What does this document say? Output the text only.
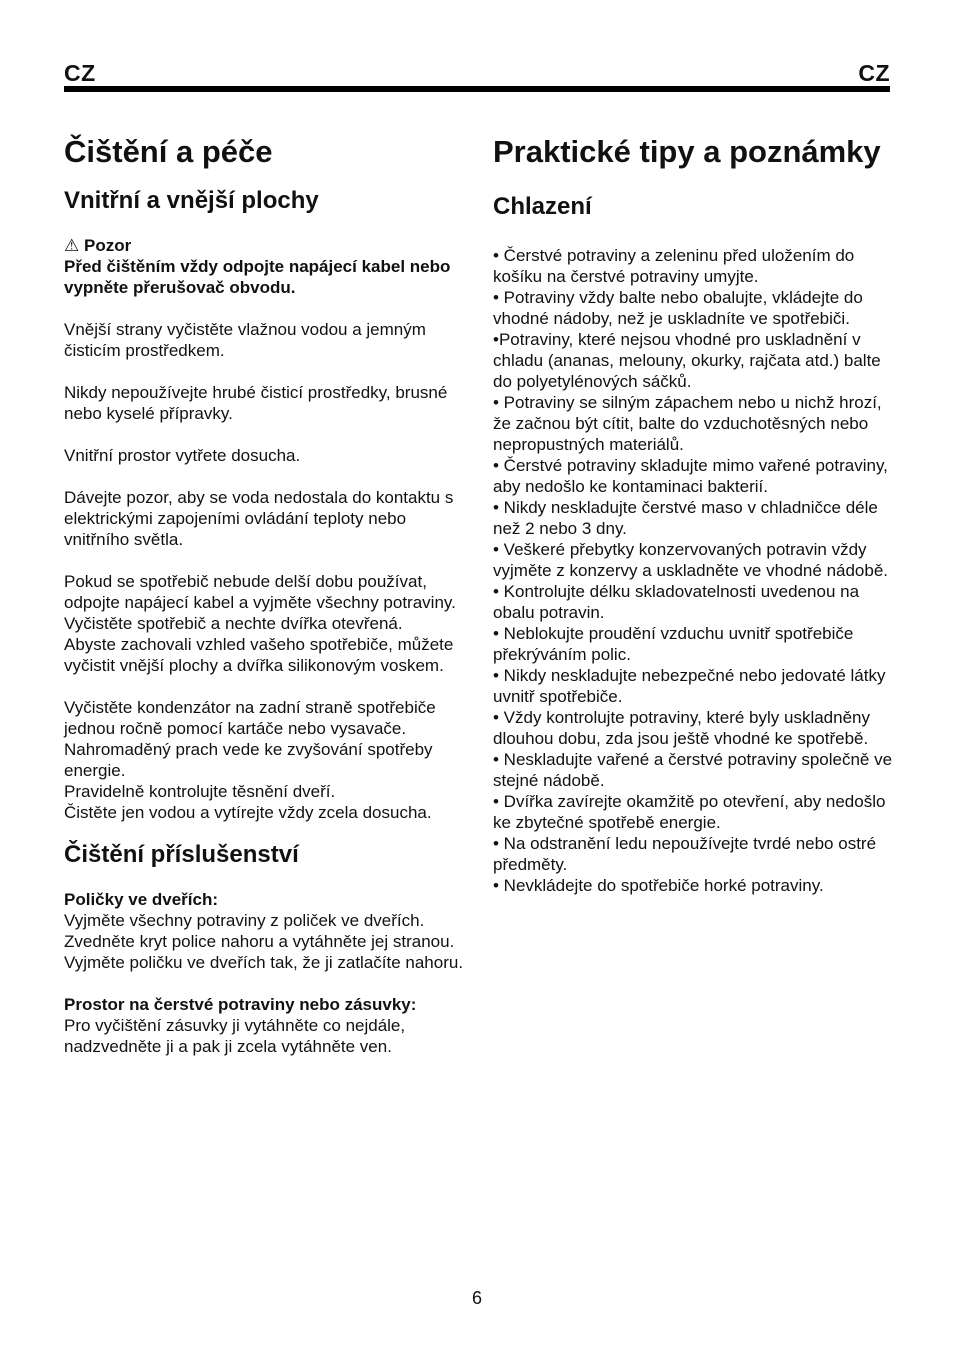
CZ	CZ
Čištění a péče
Vnitřní a vnější plochy

⚠ Pozor

Před čištěním vždy odpojte napájecí kabel nebo vypněte přerušovač obvodu.

Vnější strany vyčistěte vlažnou vodou a jemným čisticím prostředkem.

Nikdy nepoužívejte hrubé čisticí prostředky, brusné nebo kyselé přípravky.

Vnitřní prostor vytřete dosucha.

Dávejte pozor, aby se voda nedostala do kontaktu s elektrickými zapojeními ovládání teploty nebo vnitřního světla.

Pokud se spotřebič nebude delší dobu používat, odpojte napájecí kabel a vyjměte všechny potraviny. Vyčistěte spotřebič a nechte dvířka otevřená.

Abyste zachovali vzhled vašeho spotřebiče, můžete vyčistit vnější plochy a dvířka silikonovým voskem.

Vyčistěte kondenzátor na zadní straně spotřebiče jednou ročně pomocí kartáče nebo vysavače. Nahromaděný prach vede ke zvyšování spotřeby energie.

Pravidelně kontrolujte těsnění dveří.

Čistěte jen vodou a vytírejte vždy zcela dosucha.

Čištění příslušenství

Poličky ve dveřích:

Vyjměte všechny potraviny z poliček ve dveřích. Zvedněte kryt police nahoru a vytáhněte jej stranou.

Vyjměte poličku ve dveřích tak, že ji zatlačíte nahoru.

Prostor na čerstvé potraviny nebo zásuvky:

Pro vyčištění zásuvky ji vytáhněte co nejdále, nadzvedněte ji a pak ji zcela vytáhněte ven.

Praktické tipy a poznámky
Chlazení
• Čerstvé potraviny a zeleninu před uložením do košíku na čerstvé potraviny umyjte.
• Potraviny vždy balte nebo obalujte, vkládejte do vhodné nádoby, než je uskladníte ve spotřebiči.
•Potraviny, které nejsou vhodné pro uskladnění v chladu (ananas, melouny, okurky, rajčata atd.) balte do polyetylénových sáčků.
• Potraviny se silným zápachem nebo u nichž hrozí, že začnou být cítit, balte do vzduchotěsných nebo nepropustných materiálů.
• Čerstvé potraviny skladujte mimo vařené potraviny, aby nedošlo ke kontaminaci bakterií.
• Nikdy neskladujte čerstvé maso v chladničce déle než 2 nebo 3 dny.
• Veškeré přebytky konzervovaných potravin vždy vyjměte z konzervy a uskladněte ve vhodné nádobě.
• Kontrolujte délku skladovatelnosti uvedenou na obalu potravin.
• Neblokujte proudění vzduchu uvnitř spotřebiče překrýváním polic.
• Nikdy neskladujte nebezpečné nebo jedovaté látky uvnitř spotřebiče.
• Vždy kontrolujte potraviny, které byly uskladněny dlouhou dobu, zda jsou ještě vhodné ke spotřebě.
• Neskladujte vařené a čerstvé potraviny společně ve stejné nádobě.
• Dvířka zavírejte okamžitě po otevření, aby nedošlo ke zbytečné spotřebě energie.
• Na odstranění ledu nepoužívejte tvrdé nebo ostré předměty.
• Nevkládejte do spotřebiče horké potraviny.
6
